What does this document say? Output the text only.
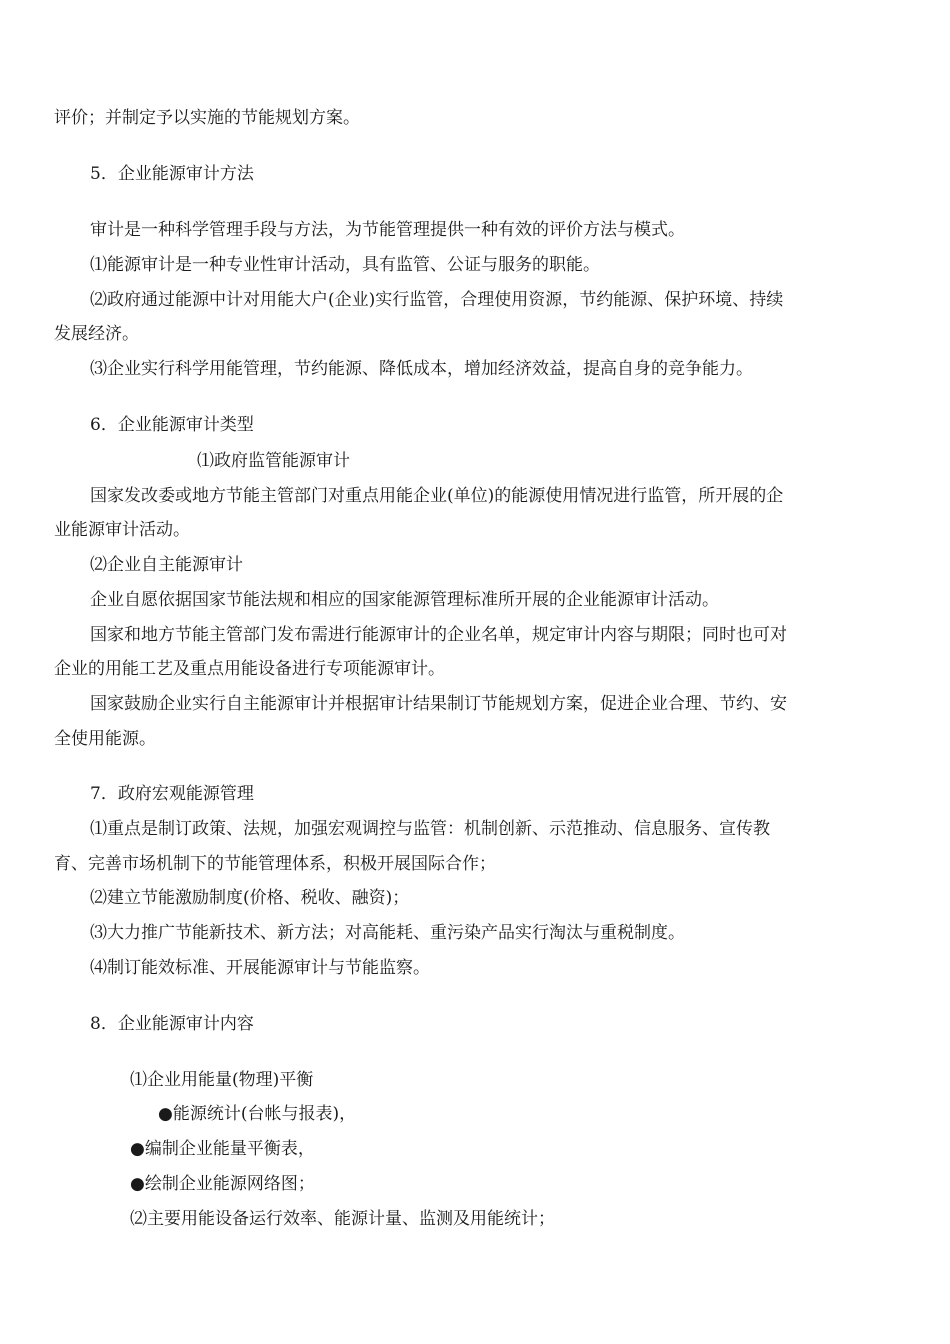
评价；并制定予以实施的节能规划方案。
5．企业能源审计方法
审计是一种科学管理手段与方法，为节能管理提供一种有效的评价方法与模式。
⑴能源审计是一种专业性审计活动，具有监管、公证与服务的职能。
⑵政府通过能源中计对用能大户(企业)实行监管，合理使用资源，节约能源、保护环境、持续
发展经济。
⑶企业实行科学用能管理，节约能源、降低成本，增加经济效益，提高自身的竞争能力。
6．企业能源审计类型
⑴政府监管能源审计
国家发改委或地方节能主管部门对重点用能企业(单位)的能源使用情况进行监管，所开展的企
业能源审计活动。
⑵企业自主能源审计
企业自愿依据国家节能法规和相应的国家能源管理标准所开展的企业能源审计活动。
国家和地方节能主管部门发布需进行能源审计的企业名单，规定审计内容与期限；同时也可对
企业的用能工艺及重点用能设备进行专项能源审计。
国家鼓励企业实行自主能源审计并根据审计结果制订节能规划方案，促进企业合理、节约、安
全使用能源。
7．政府宏观能源管理
⑴重点是制订政策、法规，加强宏观调控与监管：机制创新、示范推动、信息服务、宣传教
育、完善市场机制下的节能管理体系，积极开展国际合作；
⑵建立节能激励制度(价格、税收、融资)；
⑶大力推广节能新技术、新方法；对高能耗、重污染产品实行淘汰与重税制度。
⑷制订能效标准、开展能源审计与节能监察。
8．企业能源审计内容
⑴企业用能量(物理)平衡
●能源统计(台帐与报表)，
●编制企业能量平衡表，
●绘制企业能源网络图；
⑵主要用能设备运行效率、能源计量、监测及用能统计；
